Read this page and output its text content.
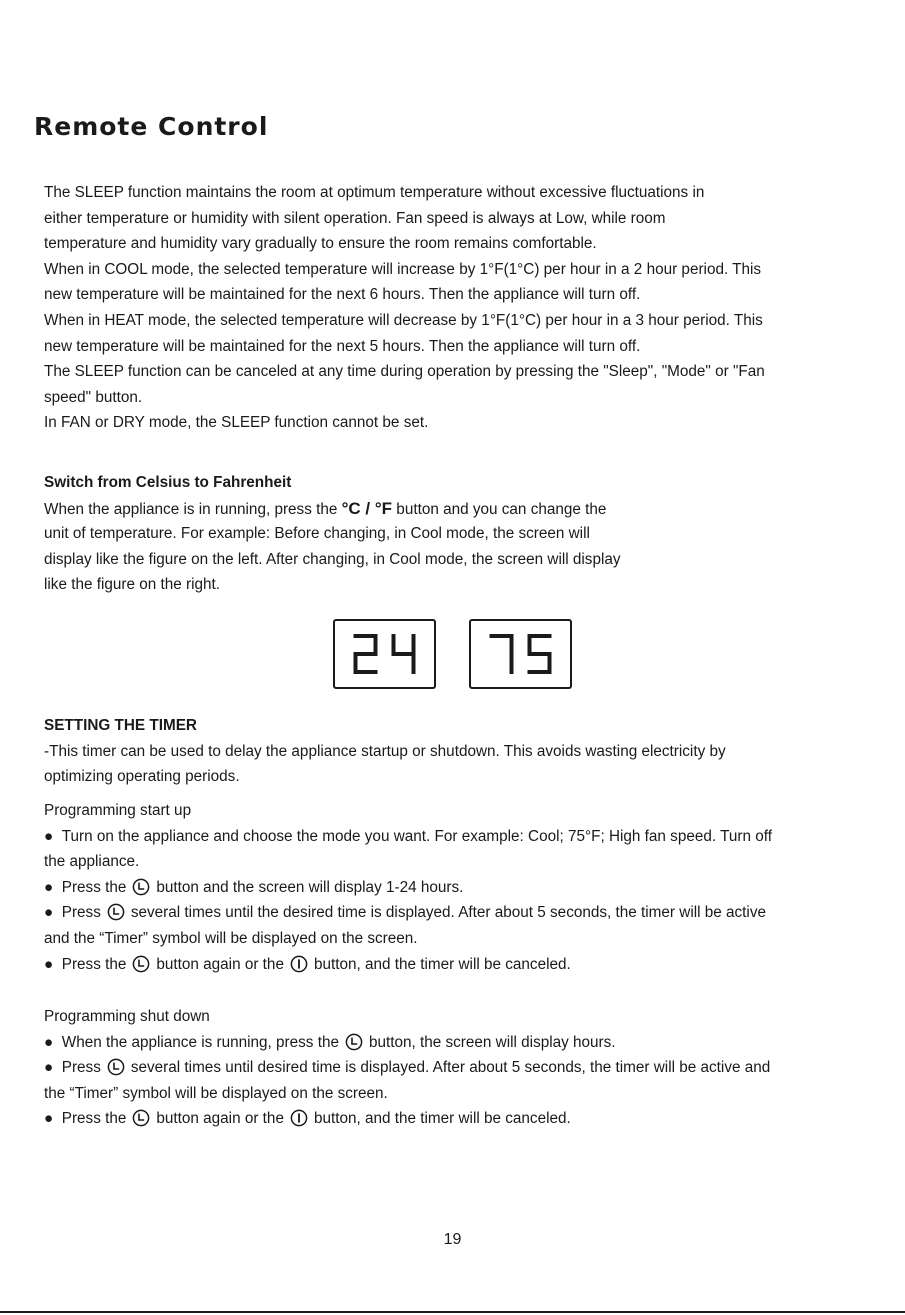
Remote Control
The SLEEP function maintains the room at optimum temperature without excessive fluctuations in
either temperature or humidity with silent operation. Fan speed is always at Low, while room
temperature and humidity vary gradually to ensure the room remains comfortable.
When in COOL mode, the selected temperature will increase by 1°F(1°C) per hour in a 2 hour period. This
new temperature will be maintained for the next 6 hours. Then the appliance will turn off.
When in HEAT mode, the selected temperature will decrease by 1°F(1°C) per hour in a 3 hour period. This
new temperature will be maintained for the next 5 hours. Then the appliance will turn off.
The SLEEP function can be canceled at any time during operation by pressing the "Sleep", "Mode" or "Fan
speed" button.
In FAN or DRY mode, the SLEEP function cannot be set.
Switch from Celsius to Fahrenheit
When the appliance is in running, press the °C / °F button and you can change the
unit of temperature. For example: Before changing, in Cool mode, the screen will
display like the figure on the left. After changing, in Cool mode, the screen will display
like the figure on the right.
SETTING THE TIMER
-This timer can be used to delay the appliance startup or shutdown. This avoids wasting electricity by
optimizing operating periods.
Programming start up
●  Turn on the appliance and choose the mode you want. For example: Cool; 75°F; High fan speed. Turn off
the appliance.
●  Press the button and the screen will display 1-24 hours.
●  Press several times until the desired time is displayed. After about 5 seconds, the timer will be active
and the “Timer” symbol will be displayed on the screen.
●  Press the button again or the button, and the timer will be canceled.
Programming shut down
●  When the appliance is running, press the button, the screen will display hours.
●  Press several times until desired time is displayed. After about 5 seconds, the timer will be active and
the “Timer” symbol will be displayed on the screen.
●  Press the button again or the button, and the timer will be canceled.
19
